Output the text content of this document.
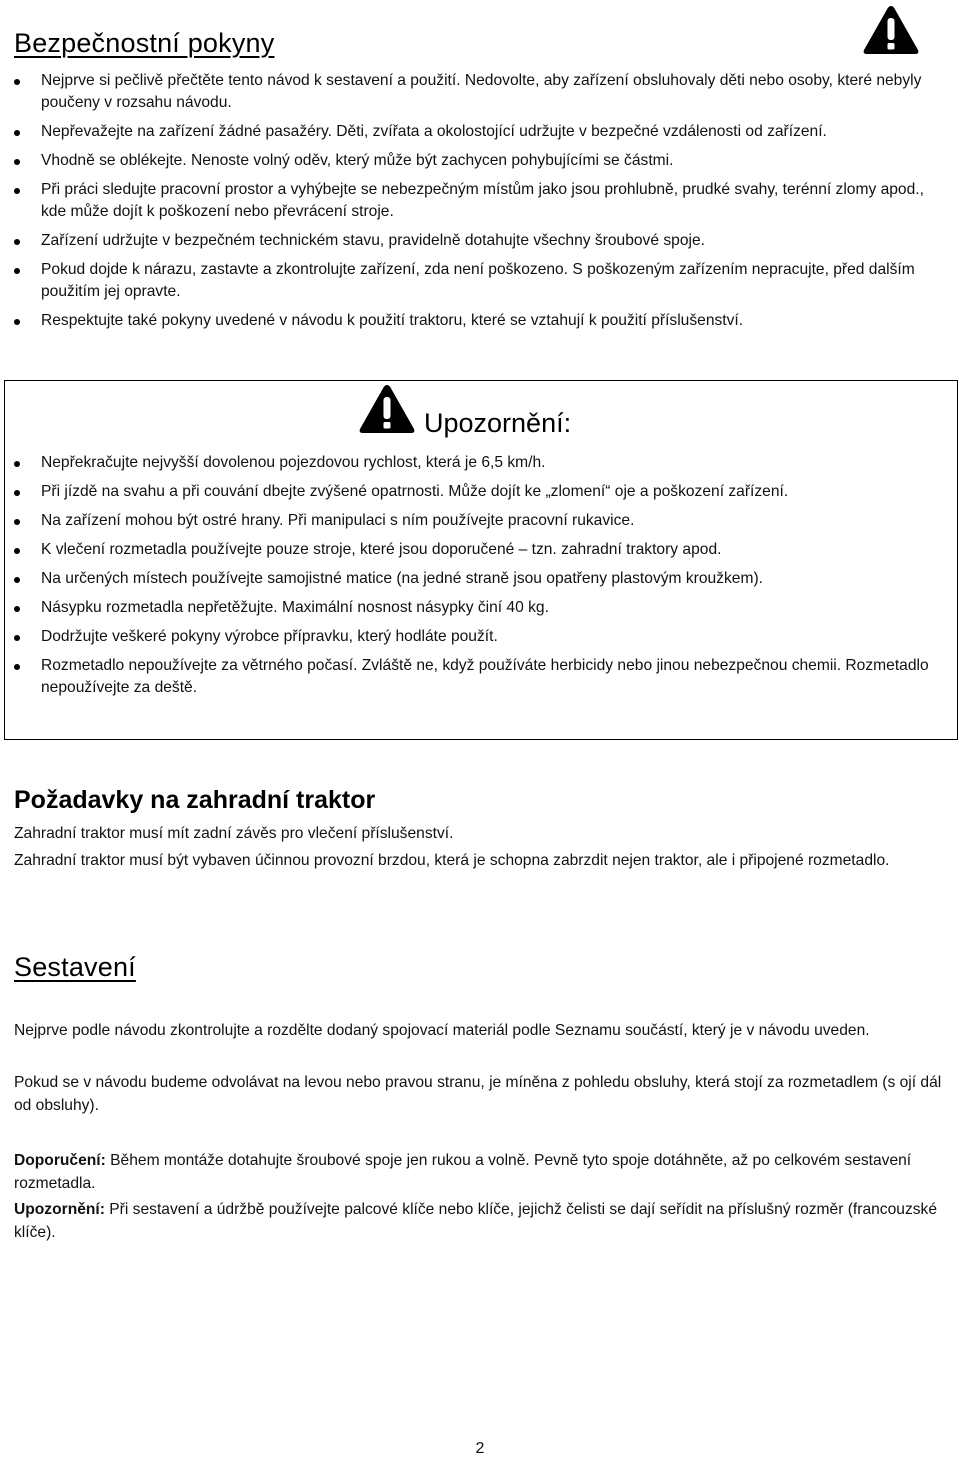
Bezpečnostní pokyny
Nejprve si pečlivě přečtěte tento návod k sestavení a použití. Nedovolte, aby zařízení obsluhovaly děti nebo osoby, které nebyly poučeny v rozsahu návodu.
Nepřevažejte na zařízení žádné pasažéry. Děti, zvířata a okolostojící udržujte v bezpečné vzdálenosti od zařízení.
Vhodně se oblékejte. Nenoste volný oděv, který může být zachycen pohybujícími se částmi.
Při práci sledujte pracovní prostor a vyhýbejte se nebezpečným místům jako jsou prohlubně, prudké svahy, terénní zlomy apod., kde může dojít k poškození nebo převrácení stroje.
Zařízení udržujte v bezpečném technickém stavu, pravidelně dotahujte všechny šroubové spoje.
Pokud dojde k nárazu, zastavte a zkontrolujte zařízení, zda není poškozeno. S poškozeným zařízením nepracujte, před dalším použitím jej opravte.
Respektujte také pokyny uvedené v návodu k použití traktoru, které se vztahují k použití příslušenství.
Upozornění:
Nepřekračujte nejvyšší dovolenou pojezdovou rychlost, která je 6,5 km/h.
Při jízdě na svahu a při couvání dbejte zvýšené opatrnosti. Může dojít ke „zlomení“ oje a poškození zařízení.
Na zařízení mohou být ostré hrany. Při manipulaci s ním používejte pracovní rukavice.
K vlečení rozmetadla používejte pouze stroje, které jsou doporučené – tzn. zahradní traktory apod.
Na určených místech používejte samojistné matice (na jedné straně jsou opatřeny plastovým kroužkem).
Násypku rozmetadla nepřetěžujte. Maximální nosnost násypky činí 40 kg.
Dodržujte veškeré pokyny výrobce přípravku, který hodláte použít.
Rozmetadlo nepoužívejte za větrného počasí. Zvláště ne, když používáte herbicidy nebo jinou nebezpečnou chemii. Rozmetadlo nepoužívejte za deště.
Požadavky na zahradní traktor

Zahradní traktor musí mít zadní závěs pro vlečení příslušenství.

Zahradní traktor musí být vybaven účinnou provozní brzdou, která je schopna zabrzdit nejen traktor, ale i připojené rozmetadlo.

Sestavení

Nejprve podle návodu zkontrolujte a rozdělte dodaný spojovací materiál podle Seznamu součástí, který je v návodu uveden.

Pokud se v návodu budeme odvolávat na levou nebo pravou stranu, je míněna z pohledu obsluhy, která stojí za rozmetadlem (s ojí dál od obsluhy).

Doporučení: Během montáže dotahujte šroubové spoje jen rukou a volně. Pevně tyto spoje dotáhněte, až po celkovém sestavení rozmetadla.

Upozornění: Při sestavení a údržbě používejte palcové klíče nebo klíče, jejichž čelisti se dají seřídit na příslušný rozměr (francouzské klíče).

2
